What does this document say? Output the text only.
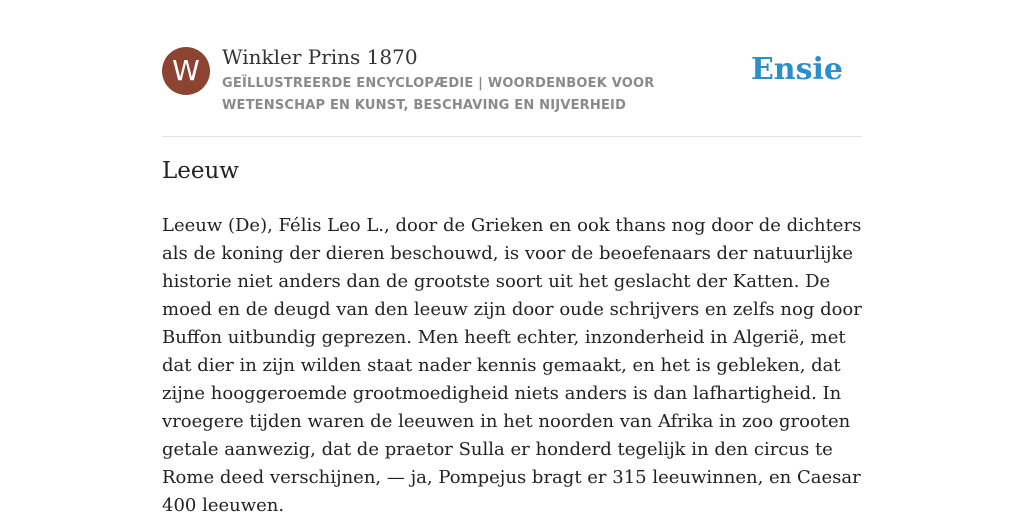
W	Winkler Prins 1870
GEÏLLUSTREERDE ENCYCLOPÆDIE | WOORDENBOEK VOOR WETENSCHAP EN KUNST, BESCHAVING EN NIJVERHEID
Ensie
Leeuw

Leeuw (De), Félis Leo L., door de Grieken en ook thans nog door de dichters als de koning der dieren beschouwd, is voor de beoefenaars der natuurlijke historie niet anders dan de grootste soort uit het geslacht der Katten. De moed en de deugd van den leeuw zijn door oude schrijvers en zelfs nog door Buffon uitbundig geprezen. Men heeft echter, inzonderheid in Algerië, met dat dier in zijn wilden staat nader kennis gemaakt, en het is gebleken, dat zijne hooggeroemde grootmoedigheid niets anders is dan lafhartigheid. In vroegere tijden waren de leeuwen in het noorden van Afrika in zoo grooten getale aanwezig, dat de praetor Sulla er honderd tegelijk in den circus te Rome deed verschijnen, — ja, Pompejus bragt er 315 leeuwinnen, en Caesar 400 leeuwen.
